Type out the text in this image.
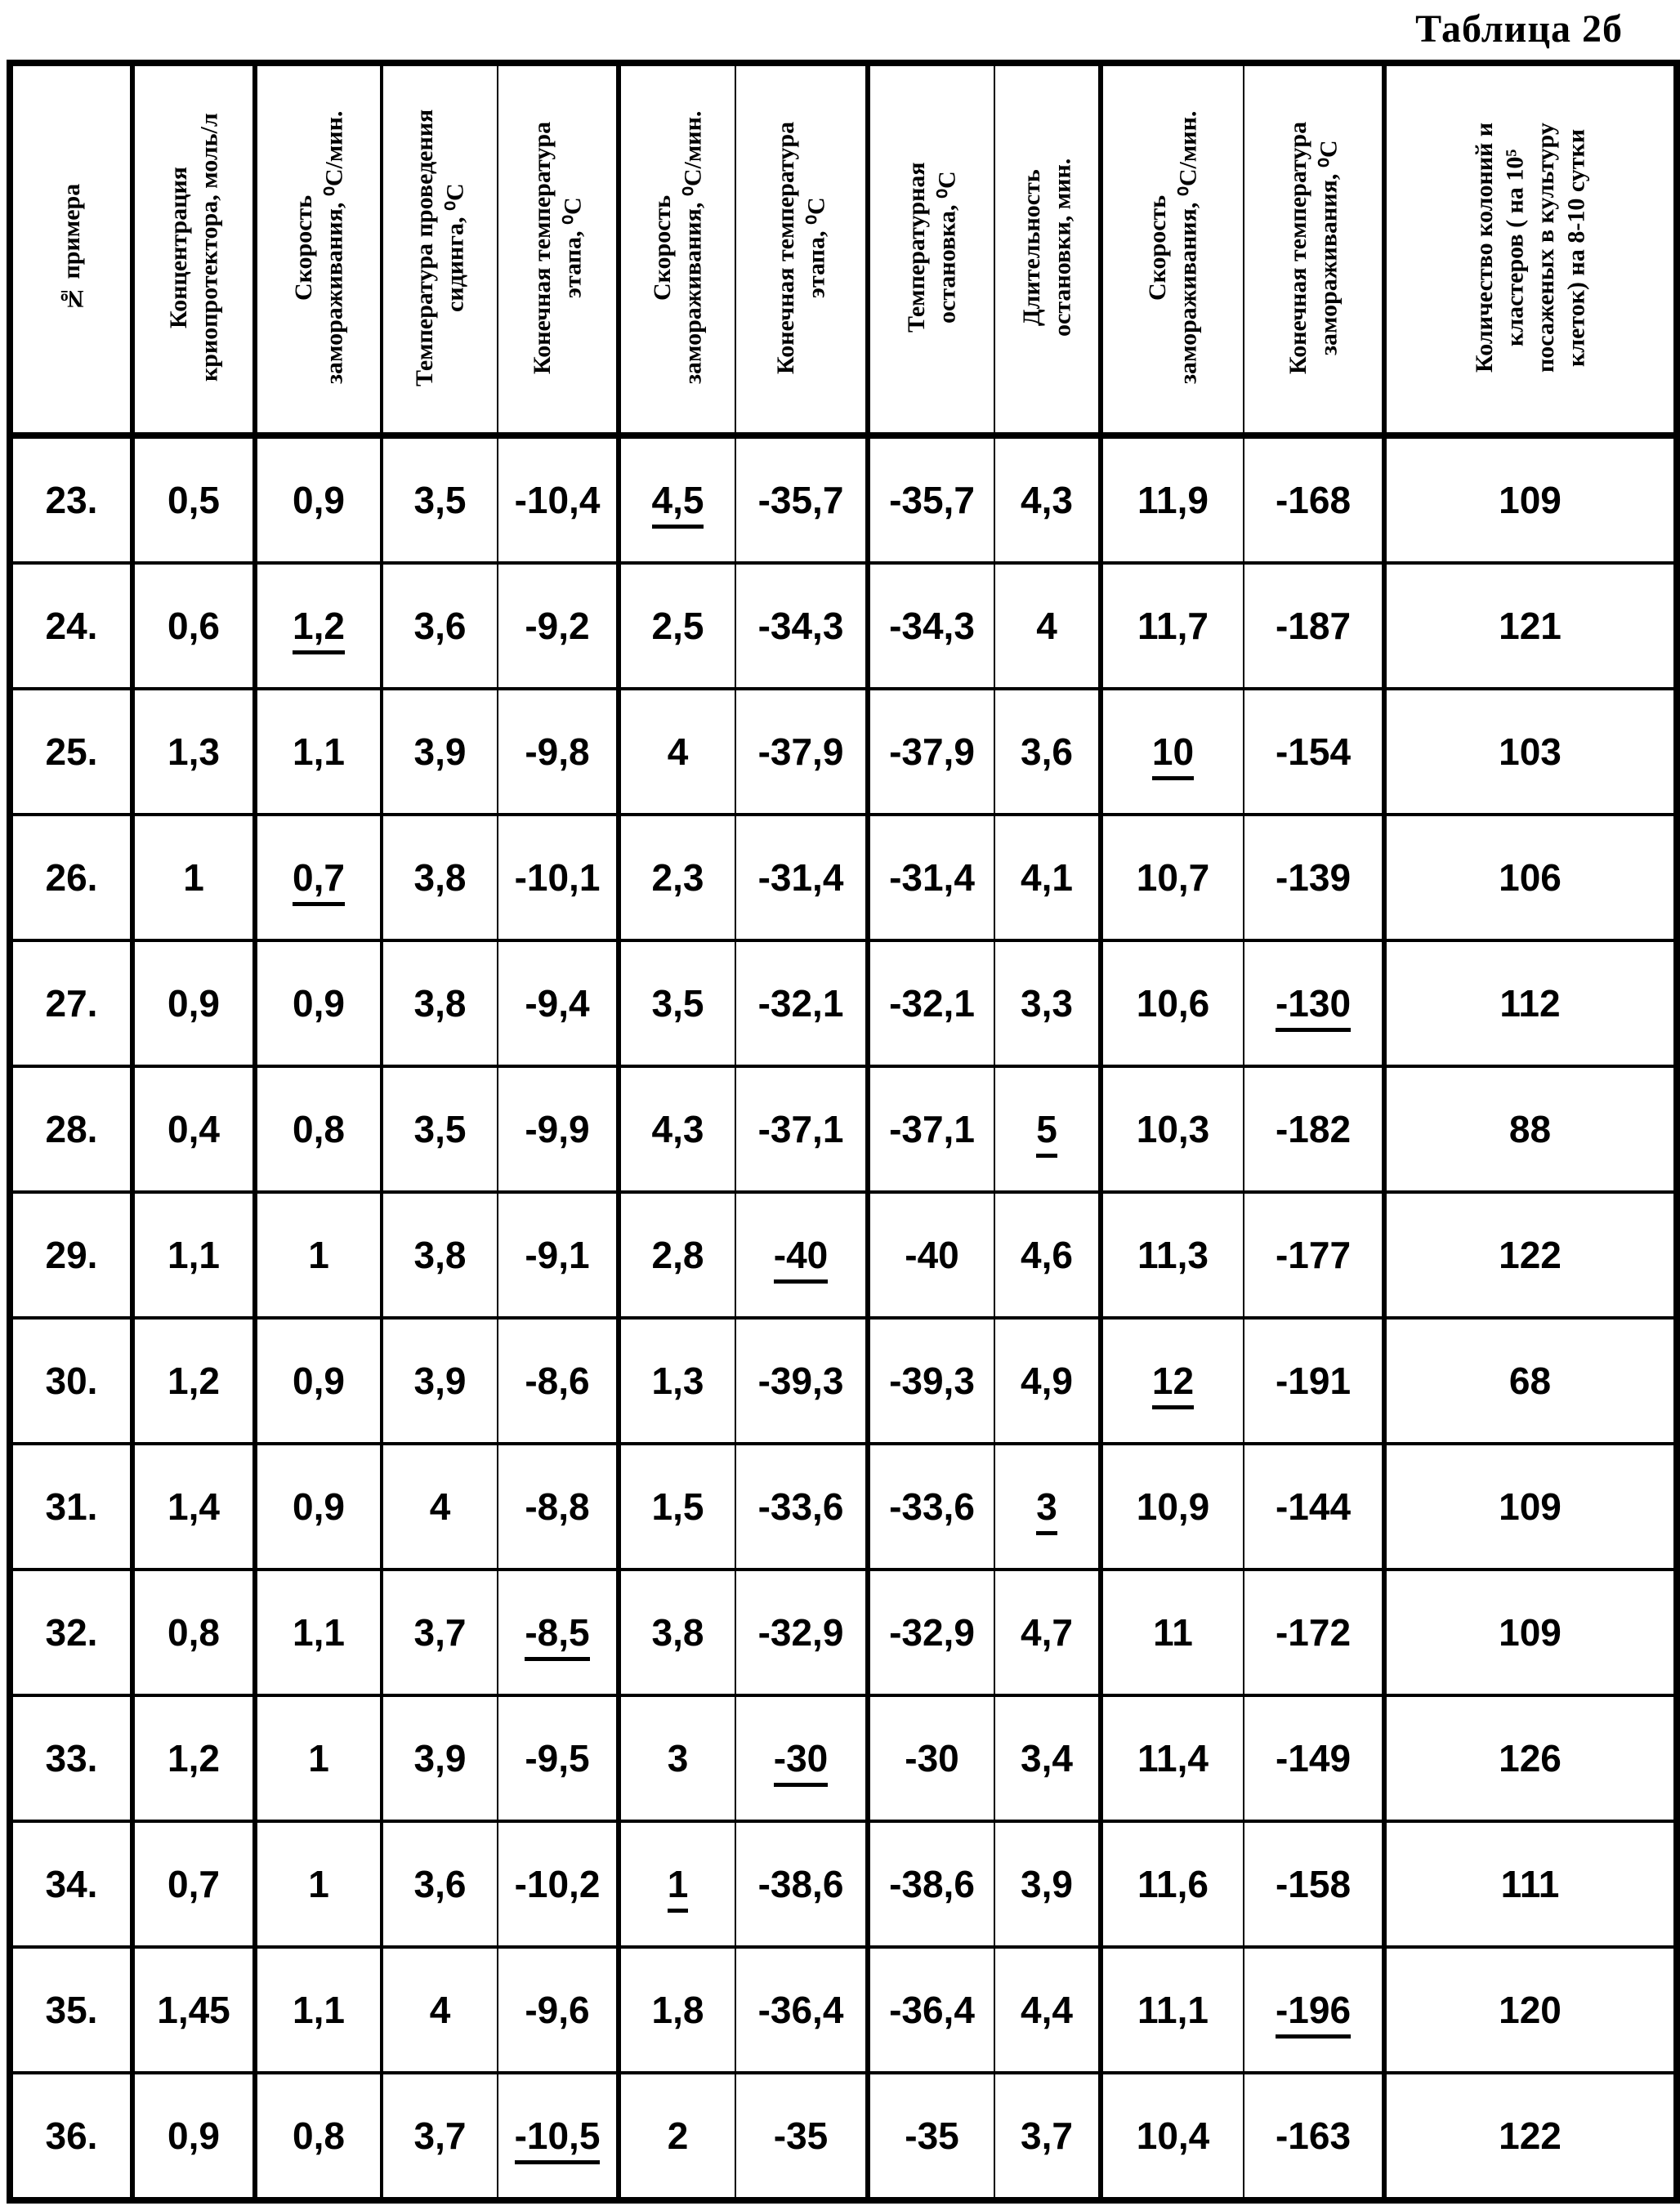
Таблица 2б
№ примера	Концентрация криопротектора, моль/л	Скорость замораживания, ⁰С/мин.	Температура проведения сидинга, ⁰С	Конечная температура этапа, ⁰С	Скорость замораживания, ⁰С/мин.	Конечная температура этапа, ⁰С	Температурная остановка, ⁰С	Длительность остановки, мин.	Скорость замораживания, ⁰С/мин.	Конечная температура замораживания, ⁰С	Количество колоний и кластеров ( на 10⁵ посаженых в культуру клеток) на 8-10 сутки
23.	0,5	0,9	3,5	-10,4	4,5	-35,7	-35,7	4,3	11,9	-168	109
24.	0,6	1,2	3,6	-9,2	2,5	-34,3	-34,3	4	11,7	-187	121
25.	1,3	1,1	3,9	-9,8	4	-37,9	-37,9	3,6	10	-154	103
26.	1	0,7	3,8	-10,1	2,3	-31,4	-31,4	4,1	10,7	-139	106
27.	0,9	0,9	3,8	-9,4	3,5	-32,1	-32,1	3,3	10,6	-130	112
28.	0,4	0,8	3,5	-9,9	4,3	-37,1	-37,1	5	10,3	-182	88
29.	1,1	1	3,8	-9,1	2,8	-40	-40	4,6	11,3	-177	122
30.	1,2	0,9	3,9	-8,6	1,3	-39,3	-39,3	4,9	12	-191	68
31.	1,4	0,9	4	-8,8	1,5	-33,6	-33,6	3	10,9	-144	109
32.	0,8	1,1	3,7	-8,5	3,8	-32,9	-32,9	4,7	11	-172	109
33.	1,2	1	3,9	-9,5	3	-30	-30	3,4	11,4	-149	126
34.	0,7	1	3,6	-10,2	1	-38,6	-38,6	3,9	11,6	-158	111
35.	1,45	1,1	4	-9,6	1,8	-36,4	-36,4	4,4	11,1	-196	120
36.	0,9	0,8	3,7	-10,5	2	-35	-35	3,7	10,4	-163	122
